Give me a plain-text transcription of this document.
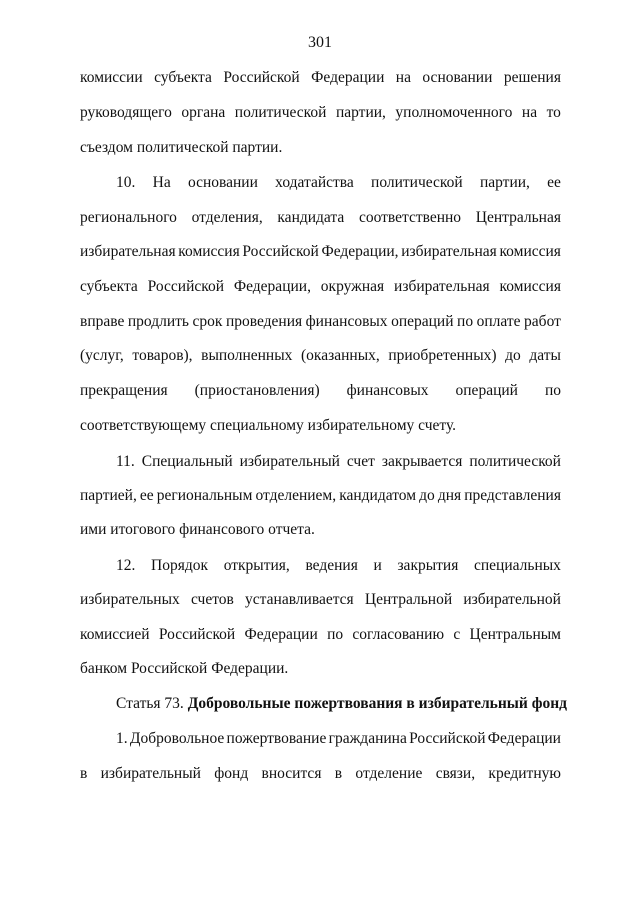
301
комиссии субъекта Российской Федерации на основании решения
руководящего органа политической партии, уполномоченного на то
съездом политической партии.
10. На основании ходатайства политической партии, ее
регионального отделения, кандидата соответственно Центральная
избирательная комиссия Российской Федерации, избирательная комиссия
субъекта Российской Федерации, окружная избирательная комиссия
вправе продлить срок проведения финансовых операций по оплате работ
(услуг, товаров), выполненных (оказанных, приобретенных) до даты
прекращения (приостановления) финансовых операций по
соответствующему специальному избирательному счету.
11. Специальный избирательный счет закрывается политической
партией, ее региональным отделением, кандидатом до дня представления
ими итогового финансового отчета.
12. Порядок открытия, ведения и закрытия специальных
избирательных счетов устанавливается Центральной избирательной
комиссией Российской Федерации по согласованию с Центральным
банком Российской Федерации.
Статья 73. Добровольные пожертвования в избирательный фонд
1. Добровольное пожертвование гражданина Российской Федерации
в избирательный фонд вносится в отделение связи, кредитную
